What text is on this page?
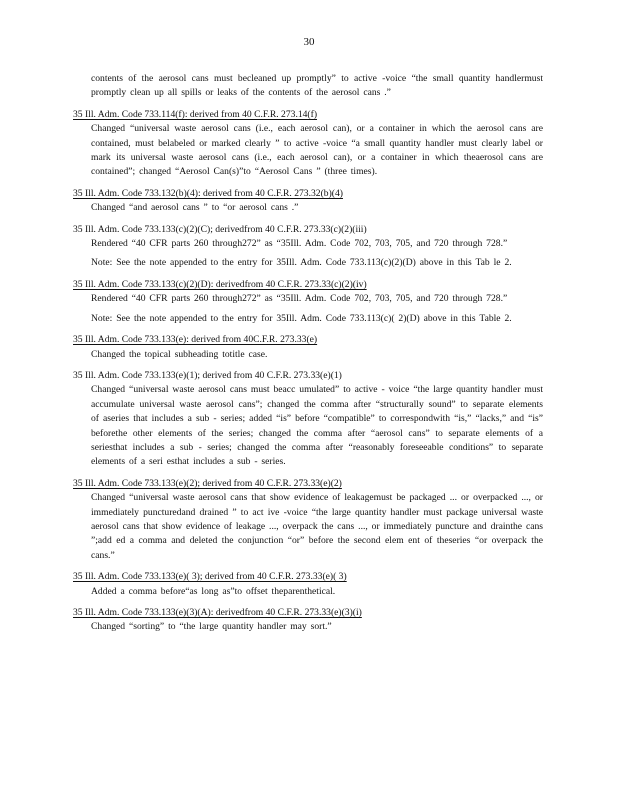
30
contents of the aerosol cans must becleaned up promptly” to active -voice “the small quantity handlermust promptly clean up all spills or leaks of the contents of the aerosol cans .”
35 Ill. Adm. Code 733.114(f): derived from 40 C.F.R. 273.14(f)
Changed “universal waste aerosol cans (i.e., each aerosol can), or a container in which the aerosol cans are contained, must belabeled or marked clearly ” to active -voice “a small quantity handler must clearly label or mark its universal waste aerosol cans (i.e., each aerosol can), or a container in which theaerosol cans are contained”; changed “Aerosol Can(s)”to “Aerosol Cans ” (three times).
35 Ill. Adm. Code 733.132(b)(4): derived from 40 C.F.R. 273.32(b)(4)
Changed “and aerosol cans ” to “or aerosol cans .”
35 Ill. Adm. Code 733.133(c)(2)(C); derivedfrom 40 C.F.R. 273.33(c)(2)(iii)
Rendered “40 CFR parts 260 through272” as “35Ill. Adm. Code 702, 703, 705, and 720 through 728.”
Note: See the note appended to the entry for 35Ill. Adm. Code 733.113(c)(2)(D) above in this Tab le 2.
35 Ill. Adm. Code 733.133(c)(2)(D): derivedfrom 40 C.F.R. 273.33(c)(2)(iv)
Rendered “40 CFR parts 260 through272” as “35Ill. Adm. Code 702, 703, 705, and 720 through 728.”
Note: See the note appended to the entry for 35Ill. Adm. Code 733.113(c)( 2)(D) above in this Table 2.
35 Ill. Adm. Code 733.133(e): derived from 40C.F.R. 273.33(e)
Changed the topical subheading totitle case.
35 Ill. Adm. Code 733.133(e)(1); derived from 40 C.F.R. 273.33(e)(1)
Changed “universal waste aerosol cans must beacc umulated” to active - voice “the large quantity handler must accumulate universal waste aerosol cans”; changed the comma after “structurally sound” to separate elements of aseries that includes a sub - series; added “is” before “compatible” to correspondwith “is,” “lacks,” and “is” beforethe other elements of the series; changed the comma after “aerosol cans” to separate elements of a seriesthat includes a sub - series; changed the comma after “reasonably foreseeable conditions” to separate elements of a seri esthat includes a sub - series.
35 Ill. Adm. Code 733.133(e)(2); derived from 40 C.F.R. 273.33(e)(2)
Changed “universal waste aerosol cans that show evidence of leakagemust be packaged ... or overpacked ..., or immediately puncturedand drained ” to act ive -voice “the large quantity handler must package universal waste aerosol cans that show evidence of leakage ..., overpack the cans ..., or immediately puncture and drainthe cans ”;add ed a comma and deleted the conjunction “or” before the second elem ent of theseries “or overpack the cans.”
35 Ill. Adm. Code 733.133(e)( 3); derived from 40 C.F.R. 273.33(e)( 3)
Added a comma before“as long as”to offset theparenthetical.
35 Ill. Adm. Code 733.133(e)(3)(A): derivedfrom 40 C.F.R. 273.33(e)(3)(i)
Changed “sorting” to “the large quantity handler may sort.”
